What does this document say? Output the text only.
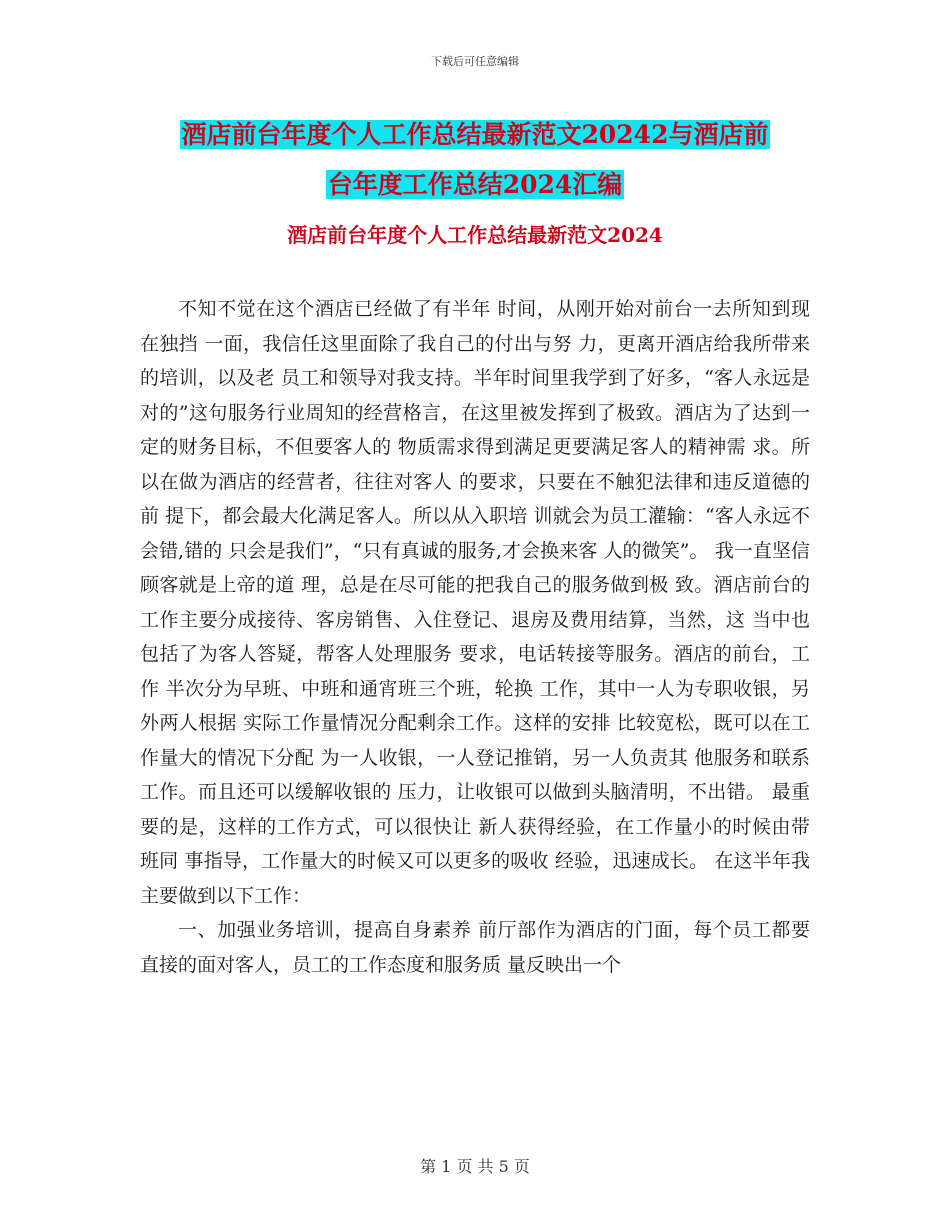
下载后可任意编辑
酒店前台年度个人工作总结最新范文20242与酒店前
台年度工作总结2024汇编
酒店前台年度个人工作总结最新范文2024

不知不觉在这个酒店已经做了有半年 时间，从刚开始对前台一去所知到现在独挡 一面，我信任这里面除了我自己的付出与努 力，更离开酒店给我所带来的培训，以及老 员工和领导对我支持。半年时间里我学到了好多，“客人永远是对的”这句服务行业周知的经营格言，在这里被发挥到了极致。酒店为了达到一定的财务目标，不但要客人的 物质需求得到满足更要满足客人的精神需 求。所以在做为酒店的经营者，往往对客人 的要求，只要在不触犯法律和违反道德的前 提下，都会最大化满足客人。所以从入职培 训就会为员工灌输：“客人永远不会错,错的 只会是我们”，“只有真诚的服务,才会换来客 人的微笑”。 我一直坚信顾客就是上帝的道 理，总是在尽可能的把我自己的服务做到极 致。酒店前台的工作主要分成接待、客房销售、入住登记、退房及费用结算，当然，这 当中也包括了为客人答疑，帮客人处理服务 要求，电话转接等服务。酒店的前台，工作 半次分为早班、中班和通宵班三个班，轮换 工作，其中一人为专职收银，另外两人根据 实际工作量情况分配剩余工作。这样的安排 比较宽松，既可以在工作量大的情况下分配 为一人收银，一人登记推销，另一人负责其 他服务和联系工作。而且还可以缓解收银的 压力，让收银可以做到头脑清明，不出错。 最重要的是，这样的工作方式，可以很快让 新人获得经验，在工作量小的时候由带班同 事指导，工作量大的时候又可以更多的吸收 经验，迅速成长。 在这半年我主要做到以下工作：

一、加强业务培训，提高自身素养 前厅部作为酒店的门面，每个员工都要 直接的面对客人，员工的工作态度和服务质 量反映出一个

第 1 页 共 5 页
